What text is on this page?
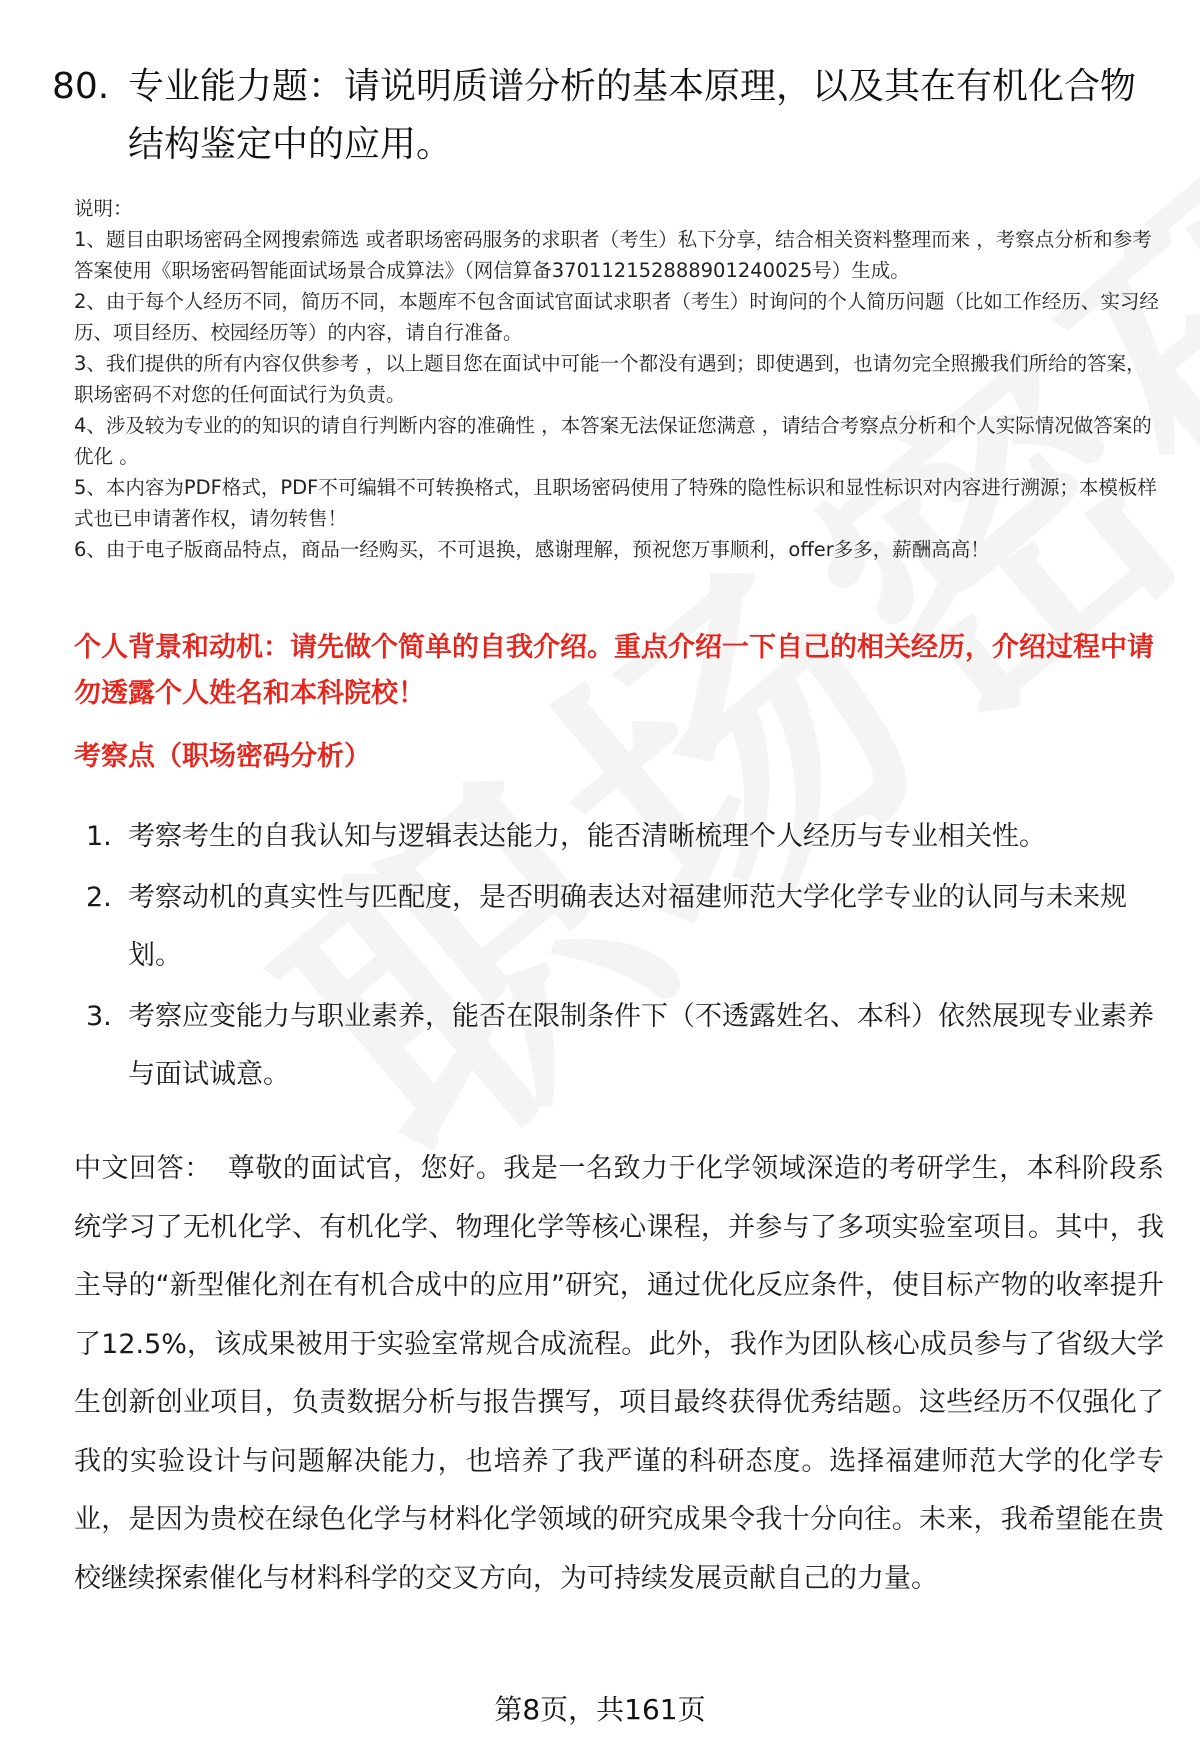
80. 专业能力题：请说明质谱分析的基本原理，以及其在有机化合物结构鉴定中的应用。

说明：

1、题目由职场密码全网搜索筛选 或者职场密码服务的求职者（考生）私下分享，结合相关资料整理而来 ，考察点分析和参考答案使用《职场密码智能面试场景合成算法》（网信算备370112152888901240025号）生成。

2、由于每个人经历不同，简历不同，本题库不包含面试官面试求职者（考生）时询问的个人简历问题（比如工作经历、实习经历、项目经历、校园经历等）的内容，请自行准备。

3、我们提供的所有内容仅供参考 ，以上题目您在面试中可能一个都没有遇到；即使遇到，也请勿完全照搬我们所给的答案，职场密码不对您的任何面试行为负责。

4、涉及较为专业的的知识的请自行判断内容的准确性 ，本答案无法保证您满意 ，请结合考察点分析和个人实际情况做答案的优化 。

5、本内容为PDF格式，PDF不可编辑不可转换格式，且职场密码使用了特殊的隐性标识和显性标识对内容进行溯源；本模板样式也已申请著作权，请勿转售！

6、由于电子版商品特点，商品一经购买，不可退换，感谢理解，预祝您万事顺利，offer多多，薪酬高高！

个人背景和动机：请先做个简单的自我介绍。重点介绍一下自己的相关经历，介绍过程中请勿透露个人姓名和本科院校！
考察点（职场密码分析）
1. 考察考生的自我认知与逻辑表达能力，能否清晰梳理个人经历与专业相关性。
2. 考察动机的真实性与匹配度，是否明确表达对福建师范大学化学专业的认同与未来规划。
3. 考察应变能力与职业素养，能否在限制条件下（不透露姓名、本科）依然展现专业素养与面试诚意。
中文回答： 尊敬的面试官，您好。我是一名致力于化学领域深造的考研学生，本科阶段系统学习了无机化学、有机化学、物理化学等核心课程，并参与了多项实验室项目。其中，我主导的“新型催化剂在有机合成中的应用”研究，通过优化反应条件，使目标产物的收率提升了12.5%，该成果被用于实验室常规合成流程。此外，我作为团队核心成员参与了省级大学生创新创业项目，负责数据分析与报告撰写，项目最终获得优秀结题。这些经历不仅强化了我的实验设计与问题解决能力，也培养了我严谨的科研态度。选择福建师范大学的化学专业，是因为贵校在绿色化学与材料化学领域的研究成果令我十分向往。未来，我希望能在贵校继续探索催化与材料科学的交叉方向，为可持续发展贡献自己的力量。
第8页，共161页
